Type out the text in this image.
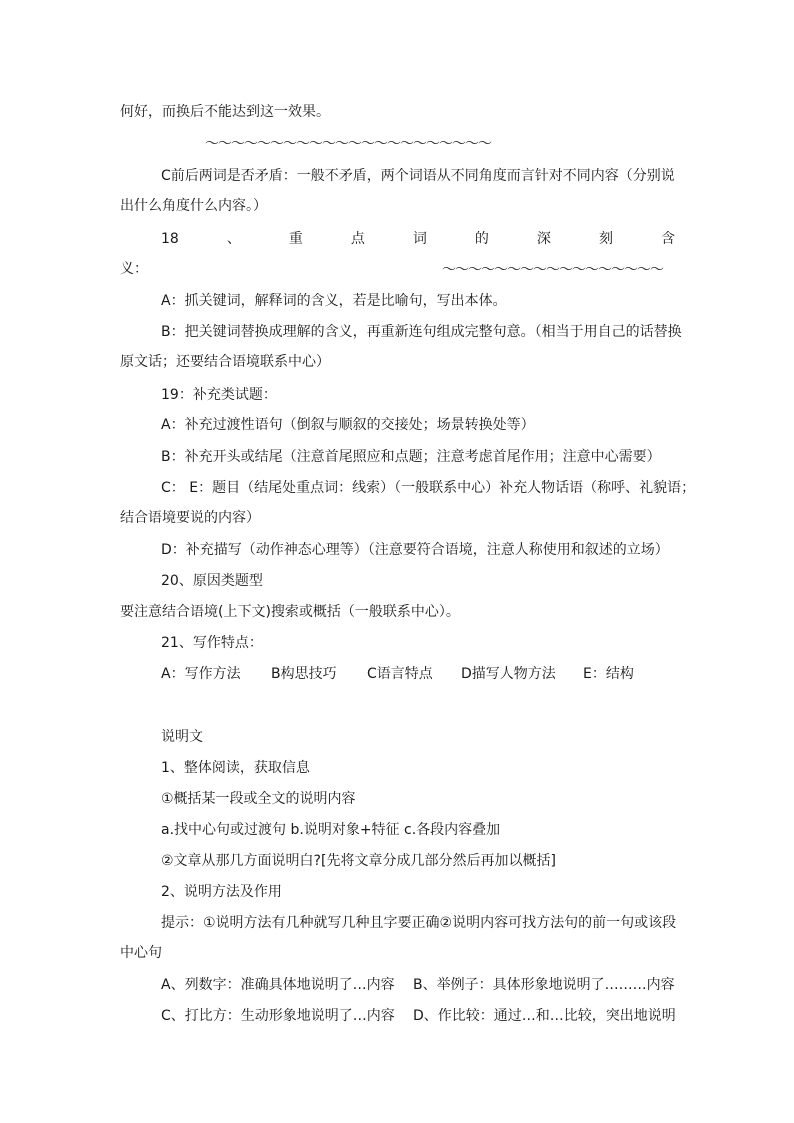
何好，而换后不能达到这一效果。
～～～～～～～～～～～～～～～～～～～～～～
C前后两词是否矛盾：一般不矛盾，两个词语从不同角度而言针对不同内容（分别说
出什么角度什么内容。）
18	、	重	点	词	的	深	刻	含
义：	～～～～～～～～～～～～～～～～～
A：抓关键词，解释词的含义，若是比喻句，写出本体。
B：把关键词替换成理解的含义，再重新连句组成完整句意。（相当于用自己的话替换
原文话；还要结合语境联系中心）
19：补充类试题：
A：补充过渡性语句（倒叙与顺叙的交接处；场景转换处等）
B：补充开头或结尾（注意首尾照应和点题；注意考虑首尾作用；注意中心需要）
C： E：题目（结尾处重点词：线索）（一般联系中心）补充人物话语（称呼、礼貌语；
结合语境要说的内容）
D：补充描写（动作神态心理等）（注意要符合语境，注意人称使用和叙述的立场）
20、原因类题型
要注意结合语境(上下文)搜索或概括（一般联系中心）。
21、写作特点：
A：写作方法 B构思技巧 C语言特点 D描写人物方法 E：结构
说明文
1、整体阅读，获取信息
①概括某一段或全文的说明内容
a.找中心句或过渡句 b.说明对象+特征 c.各段内容叠加
②文章从那几方面说明白?[先将文章分成几部分然后再加以概括]
2、说明方法及作用
提示：①说明方法有几种就写几种且字要正确②说明内容可找方法句的前一句或该段
中心句
A、列数字：准确具体地说明了…内容 B、举例子：具体形象地说明了………内容
C、打比方：生动形象地说明了…内容 D、作比较：通过…和…比较，突出地说明
